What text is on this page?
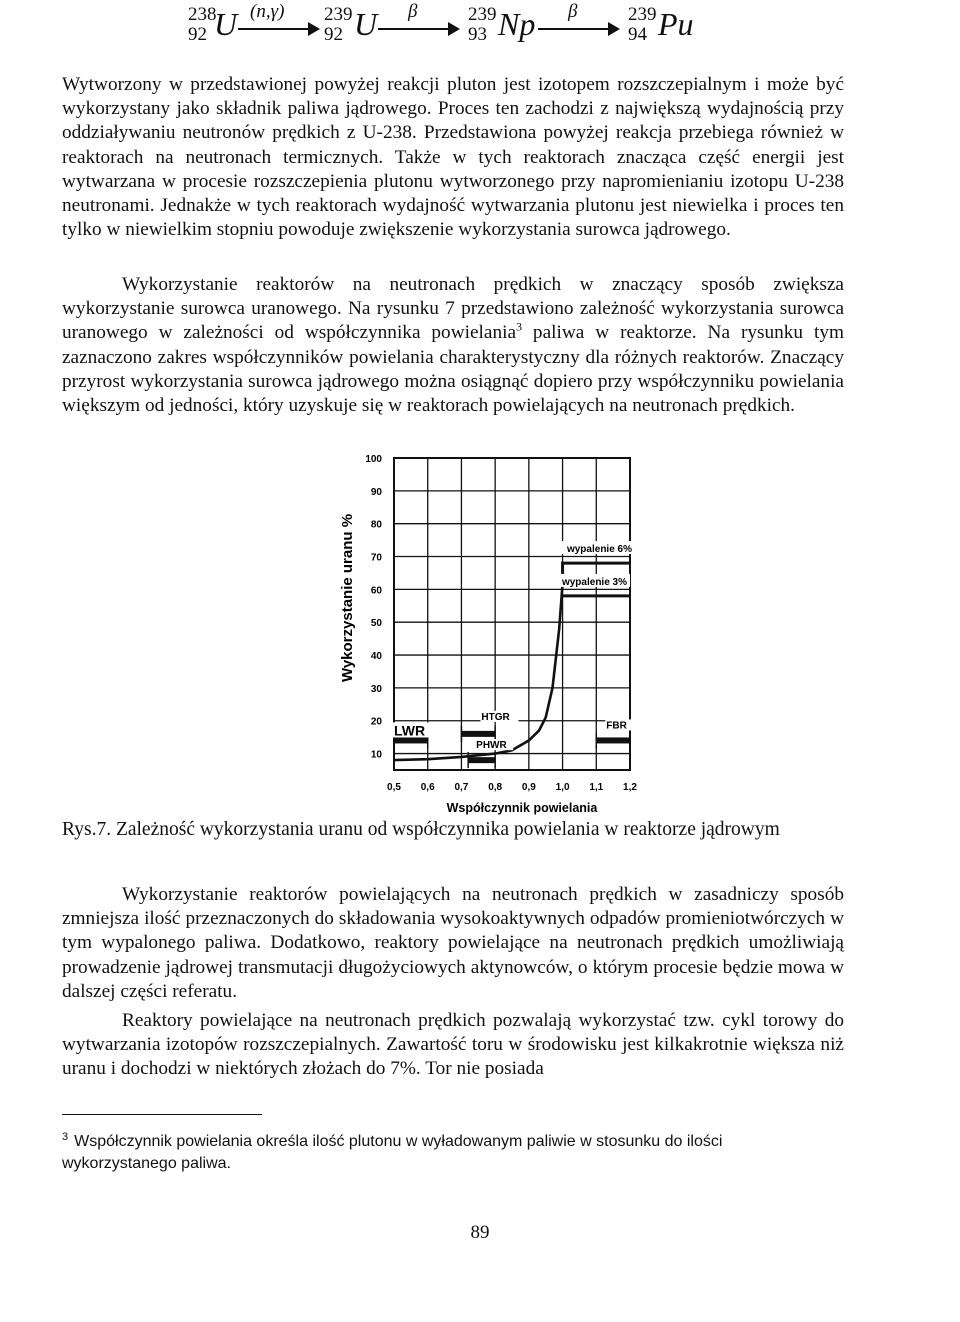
238
92 U (n,γ) 239
92 U β	239
93 Np β	239
94 Pu

Wytworzony w przedstawionej powyżej reakcji pluton jest izotopem rozszczepialnym i może być wykorzystany jako składnik paliwa jądrowego. Proces ten zachodzi z największą wydajnością przy oddziaływaniu neutronów prędkich z U-238. Przedstawiona powyżej reakcja przebiega również w reaktorach na neutronach termicznych. Także w tych reaktorach znacząca część energii jest wytwarzana w procesie rozszczepienia plutonu wytworzonego przy napromienianiu izotopu U-238 neutronami. Jednakże w tych reaktorach wydajność wytwarzania plutonu jest niewielka i proces ten tylko w niewielkim stopniu powoduje zwiększenie wykorzystania surowca jądrowego.

Wykorzystanie reaktorów na neutronach prędkich w znaczący sposób zwiększa wykorzystanie surowca uranowego. Na rysunku 7 przedstawiono zależność wykorzystania surowca uranowego w zależności od współczynnika powielania$^3$ paliwa w reaktorze. Na rysunku tym zaznaczono zakres współczynników powielania charakterystyczny dla różnych reaktorów. Znaczący przyrost wykorzystania surowca jądrowego można osiągnąć dopiero przy współczynniku powielania większym od jedności, który uzyskuje się w reaktorach powielających na neutronach prędkich.

100
90
80
70
60
50
40
30
20
10
0,5 0,6 0,7 0,8 0,9 1,0 1,1 1,2
Współczynnik powielania
Wykorzystanie uranu %	wypalenie 6%
wypalenie 3%
LWR
HTGR
PHWR
FBR
Rys.7. Zależność wykorzystania uranu od współczynnika powielania w reaktorze jądrowym

Wykorzystanie reaktorów powielających na neutronach prędkich w zasadniczy sposób zmniejsza ilość przeznaczonych do składowania wysokoaktywnych odpadów promieniotwórczych w tym wypalonego paliwa. Dodatkowo, reaktory powielające na neutronach prędkich umożliwiają prowadzenie jądrowej transmutacji długożyciowych aktynowców, o którym procesie będzie mowa w dalszej części referatu.

Reaktory powielające na neutronach prędkich pozwalają wykorzystać tzw. cykl torowy do wytwarzania izotopów rozszczepialnych. Zawartość toru w środowisku jest kilkakrotnie większa niż uranu i dochodzi w niektórych złożach do 7%. Tor nie posiada

$^3$ Współczynnik powielania określa ilość plutonu w wyładowanym paliwie w stosunku do ilości wykorzystanego paliwa.
89
